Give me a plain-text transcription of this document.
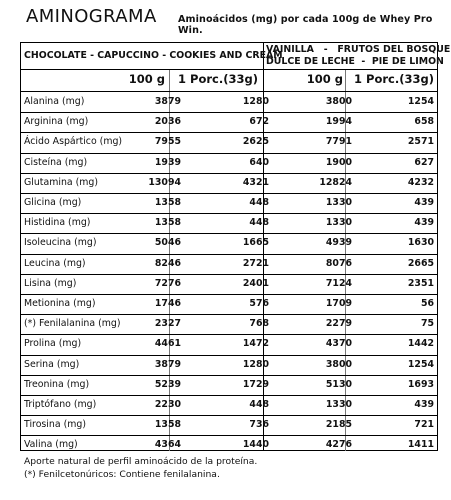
AMINOGRAMA Aminoácidos (mg) por cada 100g de Whey Pro Win.
CHOCOLATE - CAPUCCINO - COOKIES AND CREAM
VAINILLA   -   FRUTOS DEL BOSQUE
DULCE DE LECHE  -  PIE DE LIMON
100 g	1 Porc.(33g)	100 g 1 Porc.(33g)
Alanina (mg)	3879	1280	3800	1254
Arginina (mg)	2036	672	1994	658
Ácido Aspártico (mg)	7955	2625	7791	2571
Cisteína (mg)	1939	640	1900	627
Glutamina (mg)	13094	4321	12824	4232
Glicina (mg)	1358	448	1330	439
Histidina (mg)	1358	448	1330	439
Isoleucina (mg)	5046	1665	4939	1630
Leucina (mg)	8246	2721	8076	2665
Lisina (mg)	7276	2401	7124	2351
Metionina (mg)	1746	576	1709	56
(*) Fenilalanina (mg)	2327	768	2279	75
Prolina (mg)	4461	1472	4370	1442
Serina (mg)	3879	1280	3800	1254
Treonina (mg)	5239	1729	5130	1693
Triptófano (mg)	2230	448	1330	439
Tirosina (mg)	1358	736	2185	721
Valina (mg)	4364	1440	4276	1411
Aporte natural de perfil aminoácido de la proteína.
(*) Fenilcetonúricos: Contiene fenilalanina.
